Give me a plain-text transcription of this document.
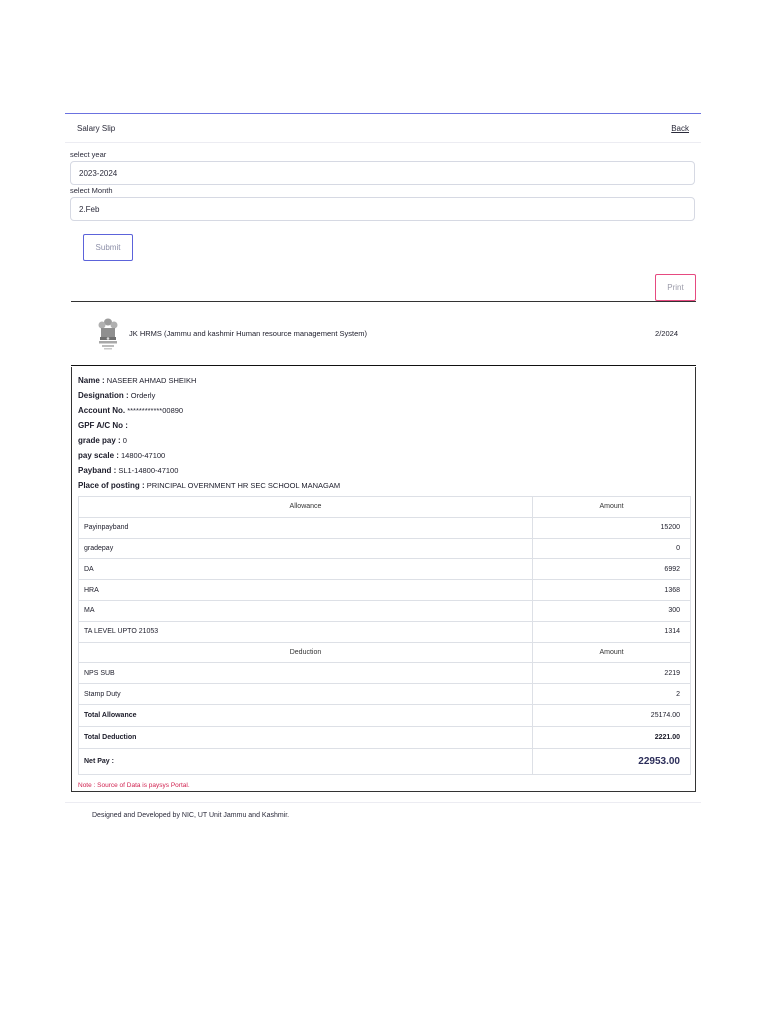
Salary Slip	Back
select year
2023-2024
select Month
2.Feb
Submit
Print
JK HRMS (Jammu and kashmir Human resource management System)	2/2024
Name : NASEER AHMAD SHEIKH
Designation : Orderly
Account No. ************00890
GPF A/C No :
grade pay : 0
pay scale : 14800-47100
Payband : SL1-14800-47100
Place of posting : PRINCIPAL OVERNMENT HR SEC SCHOOL MANAGAM
Allowance	Amount
Payinpayband	15200
gradepay	0
DA	6992
HRA	1368
MA	300
TA LEVEL UPTO 21053	1314
Deduction	Amount
NPS SUB	2219
Stamp Duty	2
Total Allowance	25174.00
Total Deduction	2221.00
Net Pay :	22953.00
Note : Source of Data is paysys Portal.
Designed and Developed by NIC, UT Unit Jammu and Kashmir.
